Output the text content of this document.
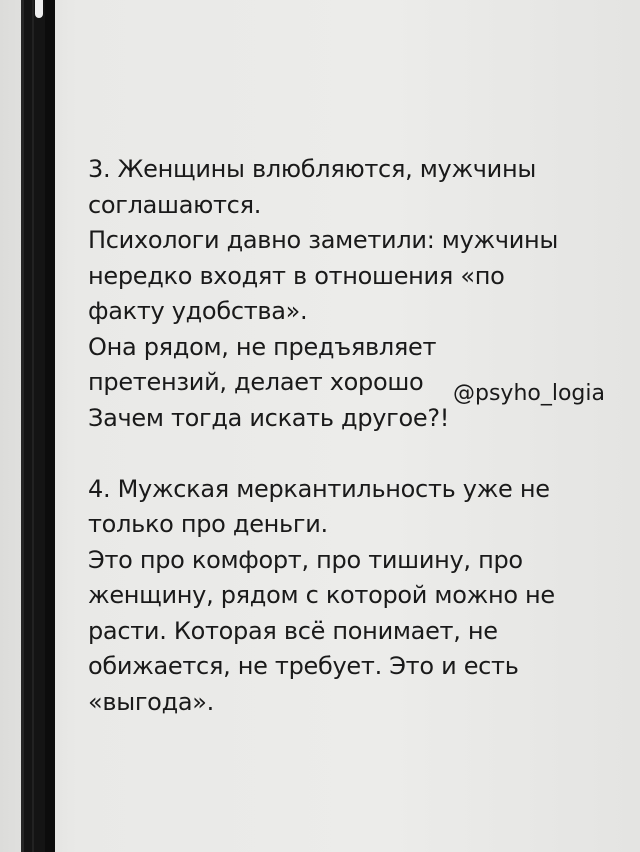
3. Женщины влюбляются, мужчины
соглашаются.
Психологи давно заметили: мужчины
нередко входят в отношения «по
факту удобства».
Она рядом, не предъявляет
претензий, делает хорошо
Зачем тогда искать другое?!
4. Мужская меркантильность уже не
только про деньги.
Это про комфорт, про тишину, про
женщину, рядом с которой можно не
расти. Которая всё понимает, не
обижается, не требует. Это и есть
«выгода».
@psyho_logia
